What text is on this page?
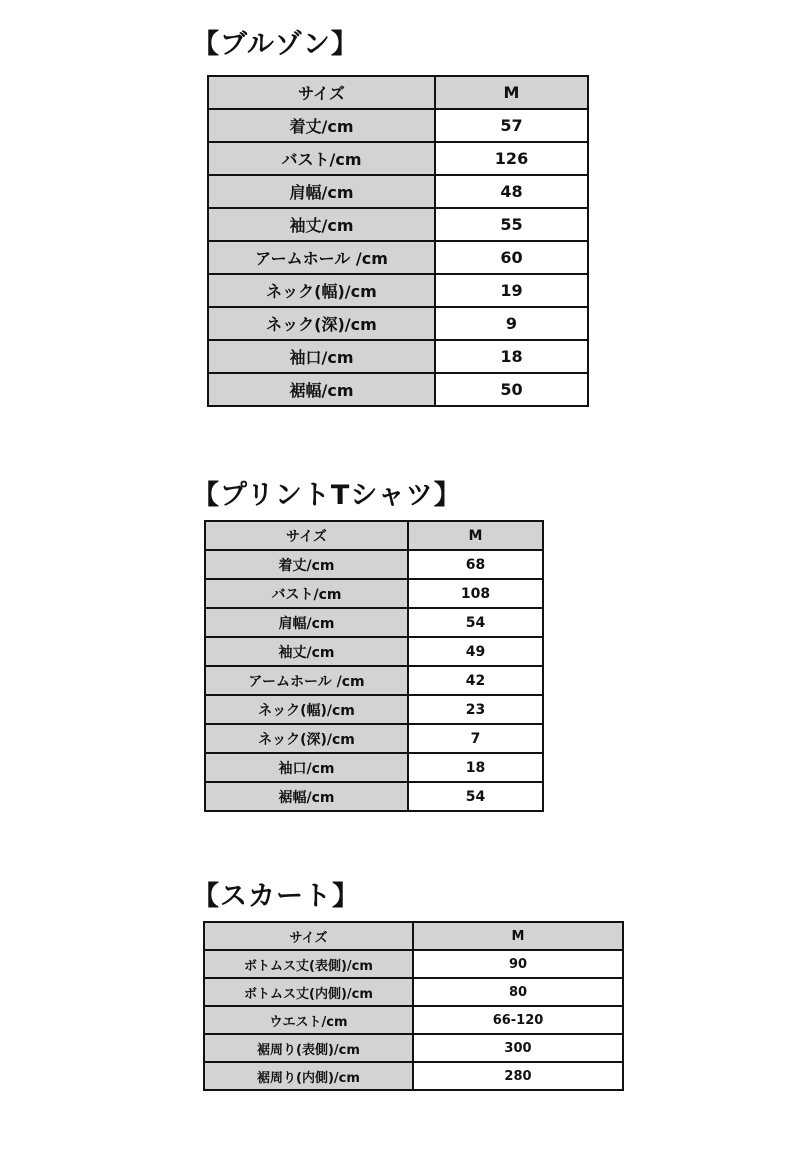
【ブルゾン】
サイズ	M
着丈/cm	57
バスト/cm	126
肩幅/cm	48
袖丈/cm	55
アームホール /cm	60
ネック(幅)/cm	19
ネック(深)/cm	9
袖口/cm	18
裾幅/cm	50
【プリントTシャツ】
サイズ	M
着丈/cm	68
バスト/cm	108
肩幅/cm	54
袖丈/cm	49
アームホール /cm	42
ネック(幅)/cm	23
ネック(深)/cm	7
袖口/cm	18
裾幅/cm	54
【スカート】
サイズ	M
ボトムス丈(表側)/cm	90
ボトムス丈(内側)/cm	80
ウエスト/cm	66-120
裾周り(表側)/cm	300
裾周り(内側)/cm	280
